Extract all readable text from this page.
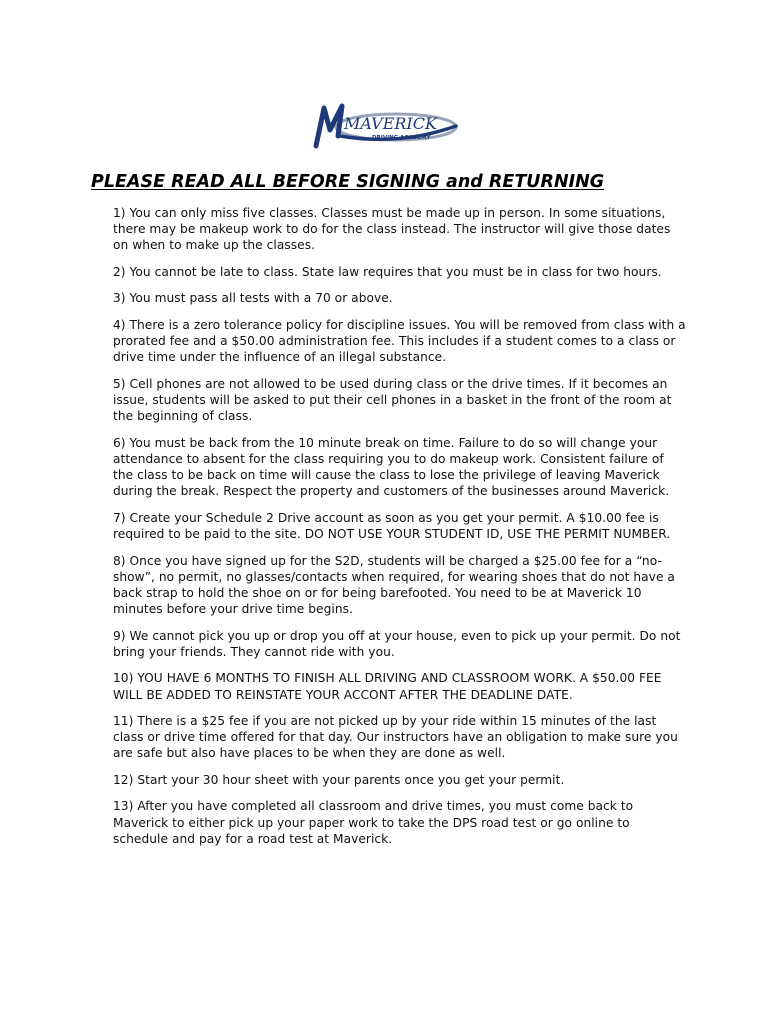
MAVERICK
DRIVING ACADEMY
PLEASE READ ALL BEFORE SIGNING and RETURNING
1) You can only miss five classes. Classes must be made up in person. In some situations, there may be makeup work to do for the class instead. The instructor will give those dates on when to make up the classes.
2) You cannot be late to class. State law requires that you must be in class for two hours.
3) You must pass all tests with a 70 or above.
4) There is a zero tolerance policy for discipline issues. You will be removed from class with a prorated fee and a $50.00 administration fee. This includes if a student comes to a class or drive time under the influence of an illegal substance.
5) Cell phones are not allowed to be used during class or the drive times. If it becomes an issue, students will be asked to put their cell phones in a basket in the front of the room at the beginning of class.
6) You must be back from the 10 minute break on time. Failure to do so will change your attendance to absent for the class requiring you to do makeup work. Consistent failure of the class to be back on time will cause the class to lose the privilege of leaving Maverick during the break. Respect the property and customers of the businesses around Maverick.
7) Create your Schedule 2 Drive account as soon as you get your permit. A $10.00 fee is required to be paid to the site. DO NOT USE YOUR STUDENT ID, USE THE PERMIT NUMBER.
8) Once you have signed up for the S2D, students will be charged a $25.00 fee for a “no-show”, no permit, no glasses/contacts when required, for wearing shoes that do not have a back strap to hold the shoe on or for being barefooted. You need to be at Maverick 10 minutes before your drive time begins.
9) We cannot pick you up or drop you off at your house, even to pick up your permit. Do not bring your friends. They cannot ride with you.
10) YOU HAVE 6 MONTHS TO FINISH ALL DRIVING AND CLASSROOM WORK. A $50.00 FEE WILL BE ADDED TO REINSTATE YOUR ACCONT AFTER THE DEADLINE DATE.
11) There is a $25 fee if you are not picked up by your ride within 15 minutes of the last class or drive time offered for that day. Our instructors have an obligation to make sure you are safe but also have places to be when they are done as well.
12) Start your 30 hour sheet with your parents once you get your permit.
13) After you have completed all classroom and drive times, you must come back to Maverick to either pick up your paper work to take the DPS road test or go online to schedule and pay for a road test at Maverick.
